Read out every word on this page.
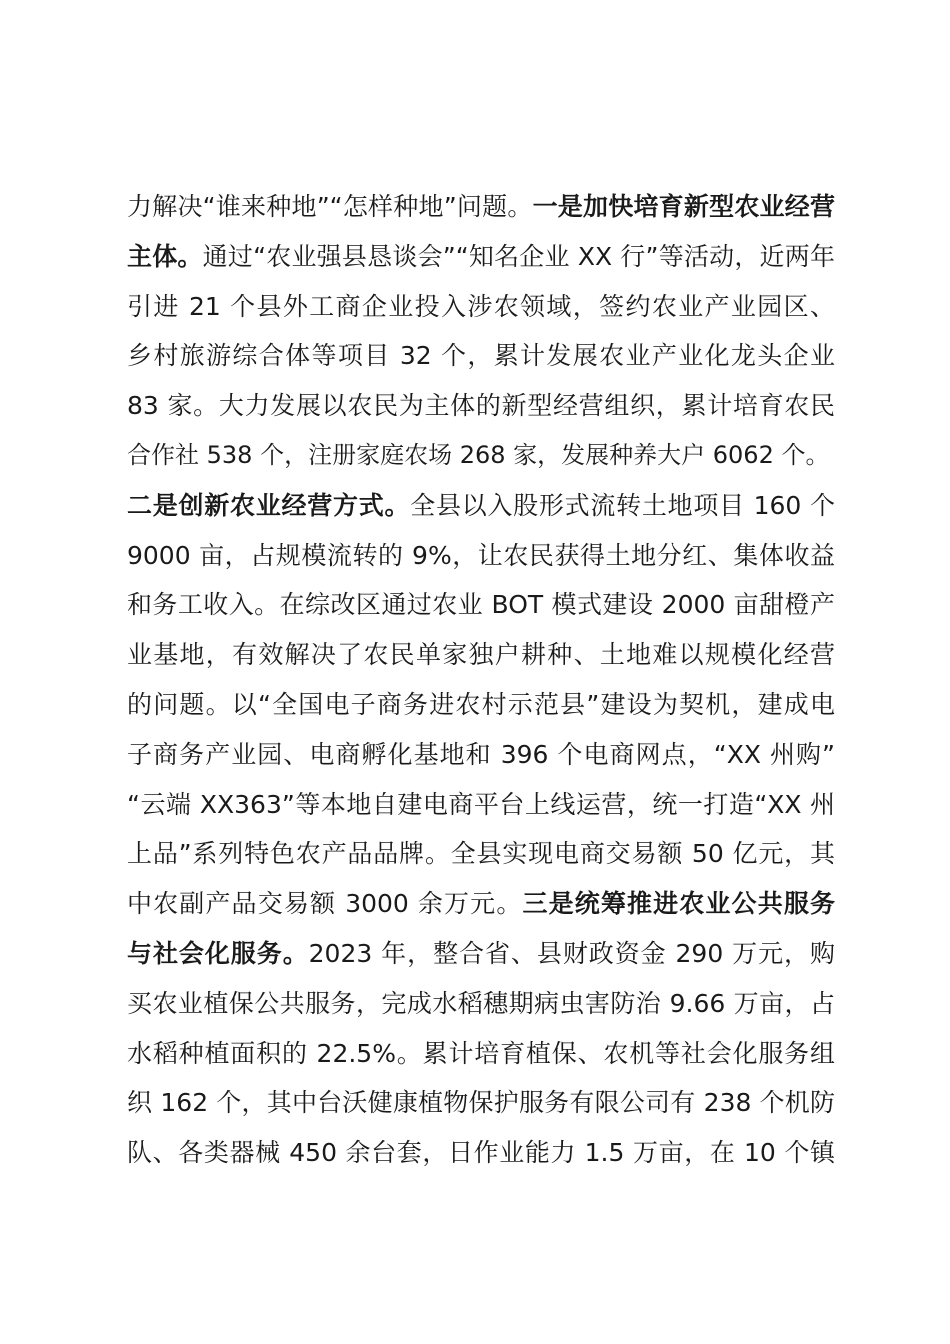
力解决“谁来种地”“怎样种地”问题。一是加快培育新型农业经营
主体。通过“农业强县恳谈会”“知名企业 XX 行”等活动，近两年
引进 21 个县外工商企业投入涉农领域，签约农业产业园区、
乡村旅游综合体等项目 32 个，累计发展农业产业化龙头企业
83 家。大力发展以农民为主体的新型经营组织，累计培育农民
合作社 538 个，注册家庭农场 268 家，发展种养大户 6062 个。
二是创新农业经营方式。全县以入股形式流转土地项目 160 个
9000 亩，占规模流转的 9%，让农民获得土地分红、集体收益
和务工收入。在综改区通过农业 BOT 模式建设 2000 亩甜橙产
业基地，有效解决了农民单家独户耕种、土地难以规模化经营
的问题。以“全国电子商务进农村示范县”建设为契机，建成电
子商务产业园、电商孵化基地和 396 个电商网点，“XX 州购”
“云端 XX363”等本地自建电商平台上线运营，统一打造“XX 州
上品”系列特色农产品品牌。全县实现电商交易额 50 亿元，其
中农副产品交易额 3000 余万元。三是统筹推进农业公共服务
与社会化服务。2023 年，整合省、县财政资金 290 万元，购
买农业植保公共服务，完成水稻穗期病虫害防治 9.66 万亩，占
水稻种植面积的 22.5%。累计培育植保、农机等社会化服务组
织 162 个，其中台沃健康植物保护服务有限公司有 238 个机防
队、各类器械 450 余台套，日作业能力 1.5 万亩，在 10 个镇
